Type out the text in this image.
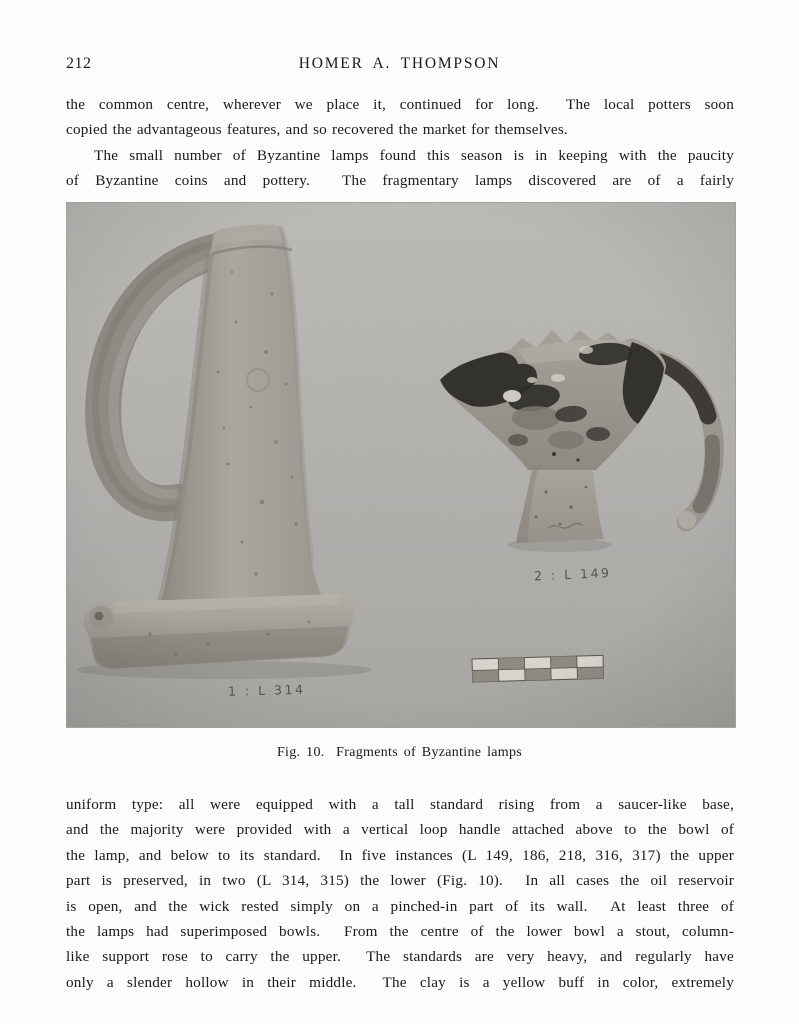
212	HOMER A. THOMPSON
the common centre, wherever we place it, continued for long.  The local potters soon
copied the advantageous features, and so recovered the market for themselves.
The small number of Byzantine lamps found this season is in keeping with the paucity
of Byzantine coins and pottery.  The fragmentary lamps discovered are of a fairly
Fig. 10.  Fragments of Byzantine lamps
uniform type: all were equipped with a tall standard rising from a saucer-like base,
and the majority were provided with a vertical loop handle attached above to the bowl of
the lamp, and below to its standard.  In five instances (L 149, 186, 218, 316, 317) the upper
part is preserved, in two (L 314, 315) the lower (Fig. 10).  In all cases the oil reservoir
is open, and the wick rested simply on a pinched-in part of its wall.  At least three of
the lamps had superimposed bowls.  From the centre of the lower bowl a stout, column-
like support rose to carry the upper.  The standards are very heavy, and regularly have
only a slender hollow in their middle.  The clay is a yellow buff in color, extremely
